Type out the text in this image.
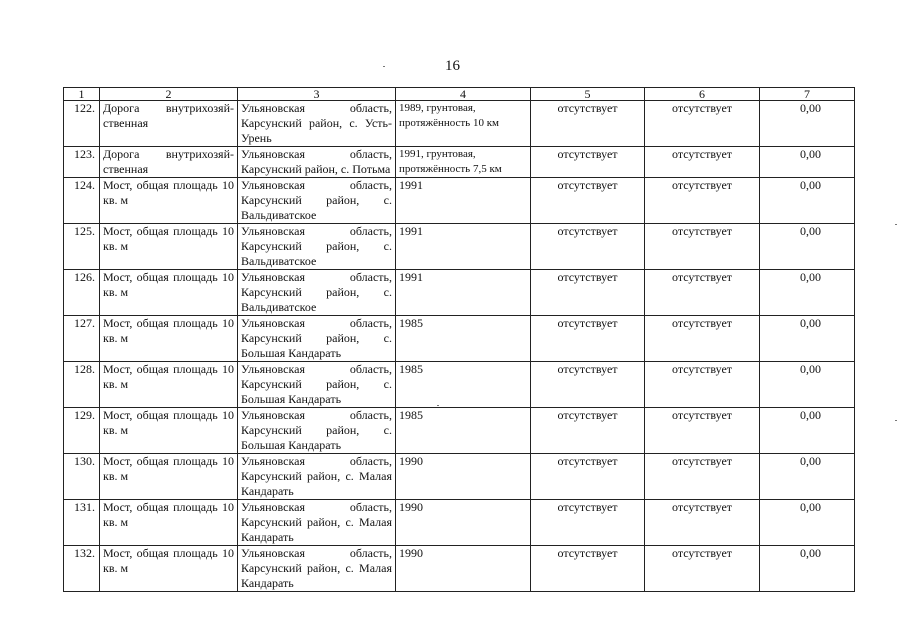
16
1	2	3	4	5	6	7
122.	Дорога внутрихозяй-ственная	Ульяновская область, Карсунский район, с. Усть-Урень	1989, грунтовая, протяжённость 10 км	отсутствует	отсутствует	0,00
123.	Дорога внутрихозяй-ственная	Ульяновская область, Карсунский район, с. Потьма	1991, грунтовая, протяжённость 7,5 км	отсутствует	отсутствует	0,00
124.	Мост, общая площадь 10 кв. м	Ульяновская область, Карсунский район, с. Вальдиватское	1991	отсутствует	отсутствует	0,00
125.	Мост, общая площадь 10 кв. м	Ульяновская область, Карсунский район, с. Вальдиватское	1991	отсутствует	отсутствует	0,00
126.	Мост, общая площадь 10 кв. м	Ульяновская область, Карсунский район, с. Вальдиватское	1991	отсутствует	отсутствует	0,00
127.	Мост, общая площадь 10 кв. м	Ульяновская область, Карсунский район, с. Большая Кандарать	1985	отсутствует	отсутствует	0,00
128.	Мост, общая площадь 10 кв. м	Ульяновская область, Карсунский район, с. Большая Кандарать	1985	отсутствует	отсутствует	0,00
129.	Мост, общая площадь 10 кв. м	Ульяновская область, Карсунский район, с. Большая Кандарать	1985	отсутствует	отсутствует	0,00
130.	Мост, общая площадь 10 кв. м	Ульяновская область, Карсунский район, с. Малая Кандарать	1990	отсутствует	отсутствует	0,00
131.	Мост, общая площадь 10 кв. м	Ульяновская область, Карсунский район, с. Малая Кандарать	1990	отсутствует	отсутствует	0,00
132.	Мост, общая площадь 10 кв. м	Ульяновская область, Карсунский район, с. Малая Кандарать	1990	отсутствует	отсутствует	0,00
